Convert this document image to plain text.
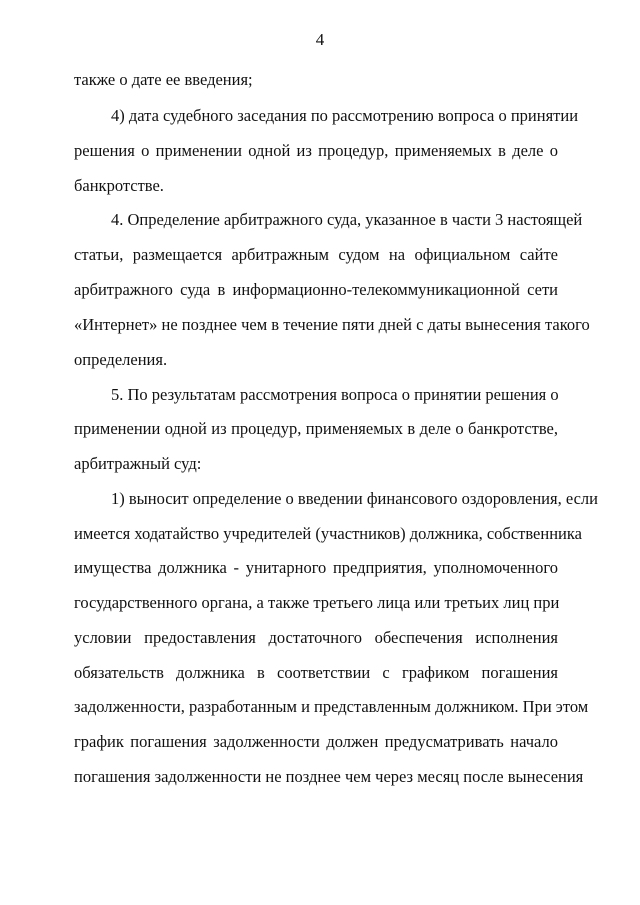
4
также о дате ее введения;
4) дата судебного заседания по рассмотрению вопроса о принятии
решения о применении одной из процедур, применяемых в деле о
банкротстве.
4. Определение арбитражного суда, указанное в части 3 настоящей
статьи, размещается арбитражным судом на официальном сайте
арбитражного суда в информационно-телекоммуникационной сети
«Интернет» не позднее чем в течение пяти дней с даты вынесения такого
определения.
5. По результатам рассмотрения вопроса о принятии решения о
применении одной из процедур, применяемых в деле о банкротстве,
арбитражный суд:
1) выносит определение о введении финансового оздоровления, если
имеется ходатайство учредителей (участников) должника, собственника
имущества должника - унитарного предприятия, уполномоченного
государственного органа, а также третьего лица или третьих лиц при
условии предоставления достаточного обеспечения исполнения
обязательств должника в соответствии с графиком погашения
задолженности, разработанным и представленным должником. При этом
график погашения задолженности должен предусматривать начало
погашения задолженности не позднее чем через месяц после вынесения
